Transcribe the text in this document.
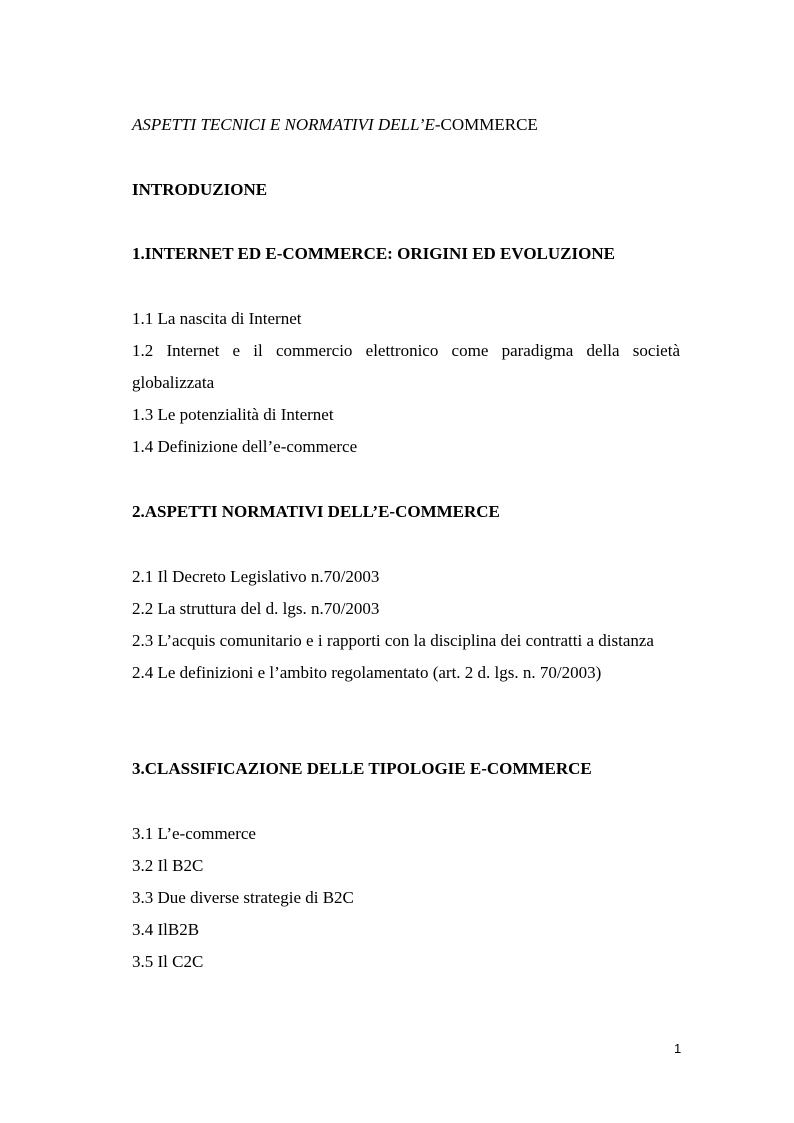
ASPETTI TECNICI E NORMATIVI DELL’E-COMMERCE
INTRODUZIONE
1.INTERNET ED E-COMMERCE: ORIGINI ED EVOLUZIONE
1.1 La nascita di Internet
1.2 Internet e il commercio elettronico come paradigma della società globalizzata
1.3 Le potenzialità di Internet
1.4 Definizione dell’e-commerce
2.ASPETTI NORMATIVI DELL’E-COMMERCE
2.1 Il Decreto Legislativo n.70/2003
2.2 La struttura del d. lgs. n.70/2003
2.3 L’acquis comunitario e i rapporti con la disciplina dei contratti a distanza
2.4 Le definizioni e l’ambito regolamentato (art. 2 d. lgs. n. 70/2003)
3.CLASSIFICAZIONE DELLE TIPOLOGIE E-COMMERCE
3.1 L’e-commerce
3.2 Il B2C
3.3 Due diverse strategie di B2C
3.4 IlB2B
3.5 Il C2C
1
